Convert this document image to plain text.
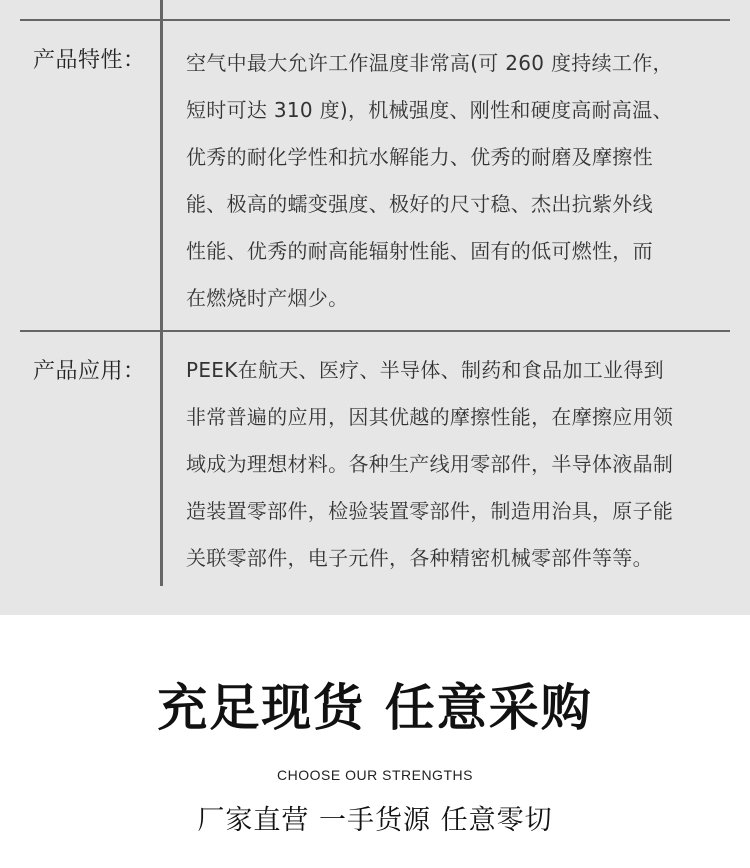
产品特性： 空气中最大允许工作温度非常高(可 260 度持续工作，
短时可达 310 度)，机械强度、刚性和硬度高耐高温、
优秀的耐化学性和抗水解能力、优秀的耐磨及摩擦性
能、极高的蠕变强度、极好的尺寸稳、杰出抗紫外线
性能、优秀的耐高能辐射性能、固有的低可燃性，而
在燃烧时产烟少。
产品应用： PEEK在航天、医疗、半导体、制药和食品加工业得到
非常普遍的应用，因其优越的摩擦性能，在摩擦应用领
域成为理想材料。各种生产线用零部件，半导体液晶制
造装置零部件，检验装置零部件，制造用治具，原子能
关联零部件，电子元件，各种精密机械零部件等等。
充足现货 任意采购
CHOOSE OUR STRENGTHS
厂家直营 一手货源 任意零切
